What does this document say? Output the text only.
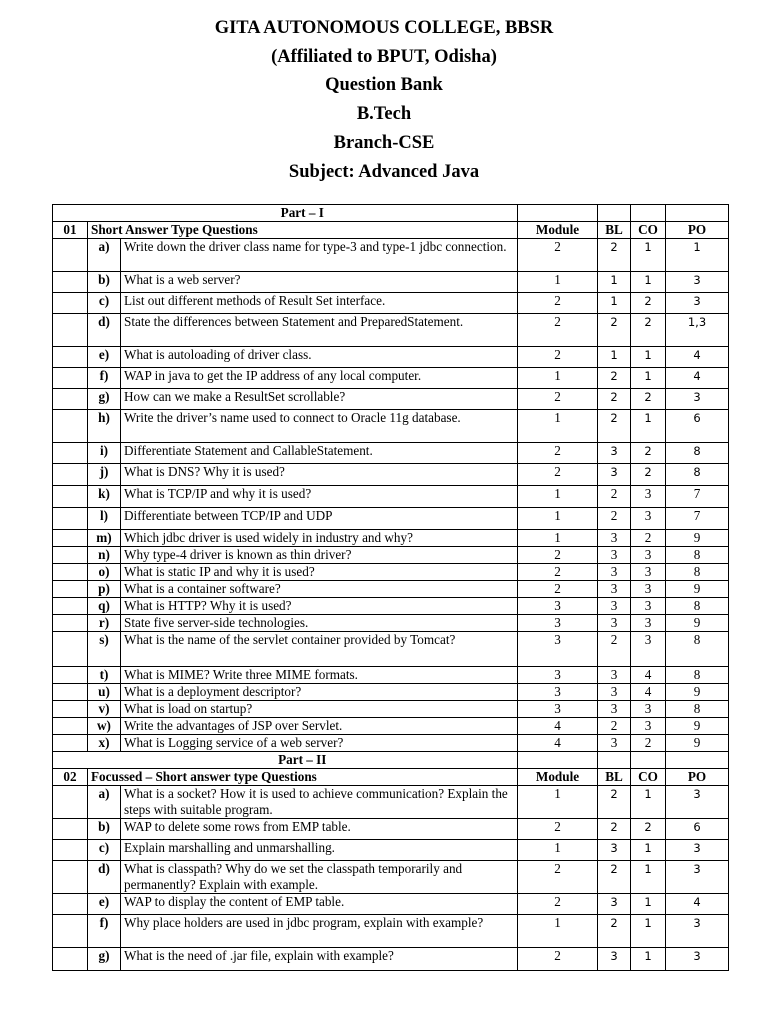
GITA AUTONOMOUS COLLEGE, BBSR
(Affiliated to BPUT, Odisha)
Question Bank
B.Tech
Branch-CSE
Subject: Advanced Java
	Part – I					
01	Short Answer Type Questions		Module	BL	CO	PO
	a)	Write down the driver class name for type-3 and type-1 jdbc connection.	2	2	1	1
	b)	What is a web server?	1	1	1	3
	c)	List out different methods of Result Set interface.	2	1	2	3
	d)	State the differences between Statement and PreparedStatement.	2	2	2	1,3
	e)	What is autoloading of driver class.	2	1	1	4
	f)	WAP in java to get the IP address of any local computer.	1	2	1	4
	g)	How can we make a ResultSet scrollable?	2	2	2	3
	h)	Write the driver’s name used to connect to Oracle 11g database.	1	2	1	6
	i)	Differentiate Statement and CallableStatement.	2	3	2	8
	j)	What is DNS? Why it is used?	2	3	2	8
	k)	What is TCP/IP and why it is used?	1	2	3	7
	l)	Differentiate between TCP/IP and UDP	1	2	3	7
	m)	Which jdbc driver is used widely in industry and why?	1	3	2	9
	n)	Why type-4 driver is known as thin driver?	2	3	3	8
	o)	What is static IP and why it is used?	2	3	3	8
	p)	What is a container software?	2	3	3	9
	q)	What is HTTP? Why it is used?	3	3	3	8
	r)	State five server-side technologies.	3	3	3	9
	s)	What is the name of the servlet container provided by Tomcat?	3	2	3	8
	t)	What is MIME? Write three MIME formats.	3	3	4	8
	u)	What is a deployment descriptor?	3	3	4	9
	v)	What is load on startup?	3	3	3	8
	w)	Write the advantages of JSP over Servlet.	4	2	3	9
	x)	What is Logging service of a web server?	4	3	2	9
	Part – II					
02	Focussed – Short answer type Questions		Module	BL	CO	PO
	a)	What is a socket? How it is used to achieve communication? Explain the steps with suitable program.	1	2	1	3
	b)	WAP to delete some rows from EMP table.	2	2	2	6
	c)	Explain marshalling and unmarshalling.	1	3	1	3
	d)	What is classpath? Why do we set the classpath temporarily and permanently? Explain with example.	2	2	1	3
	e)	WAP to display the content of EMP table.	2	3	1	4
	f)	Why place holders are used in jdbc program, explain with example?	1	2	1	3
	g)	What is the need of .jar file, explain with example?	2	3	1	3
